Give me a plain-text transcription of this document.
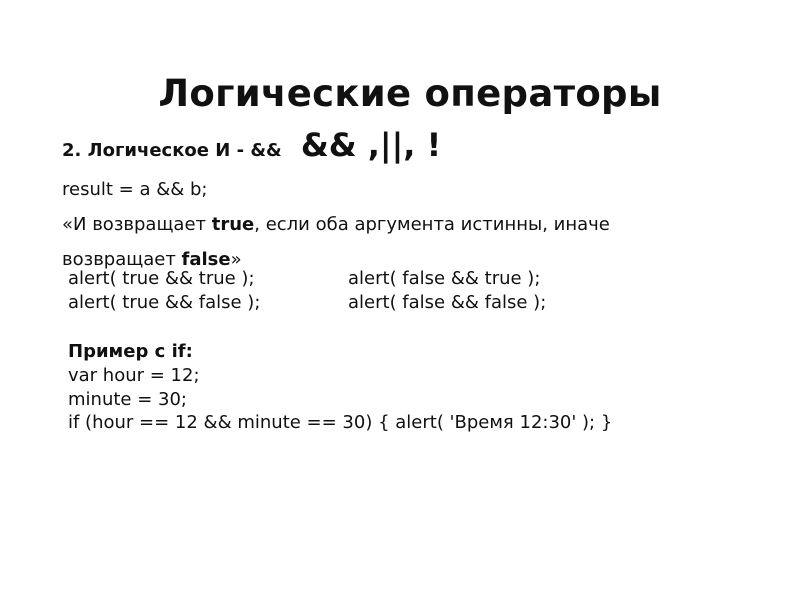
Логические операторы
2. Логическое И - && && ,||, !
result = a && b;
«И возвращает true, если оба аргумента истинны, иначе
возвращает false»
alert( true && true );
alert( true && false );
alert( false && true );
alert( false && false );
Пример с if:
var hour = 12;
minute = 30;
if (hour == 12 && minute == 30) { alert( 'Время 12:30' ); }
